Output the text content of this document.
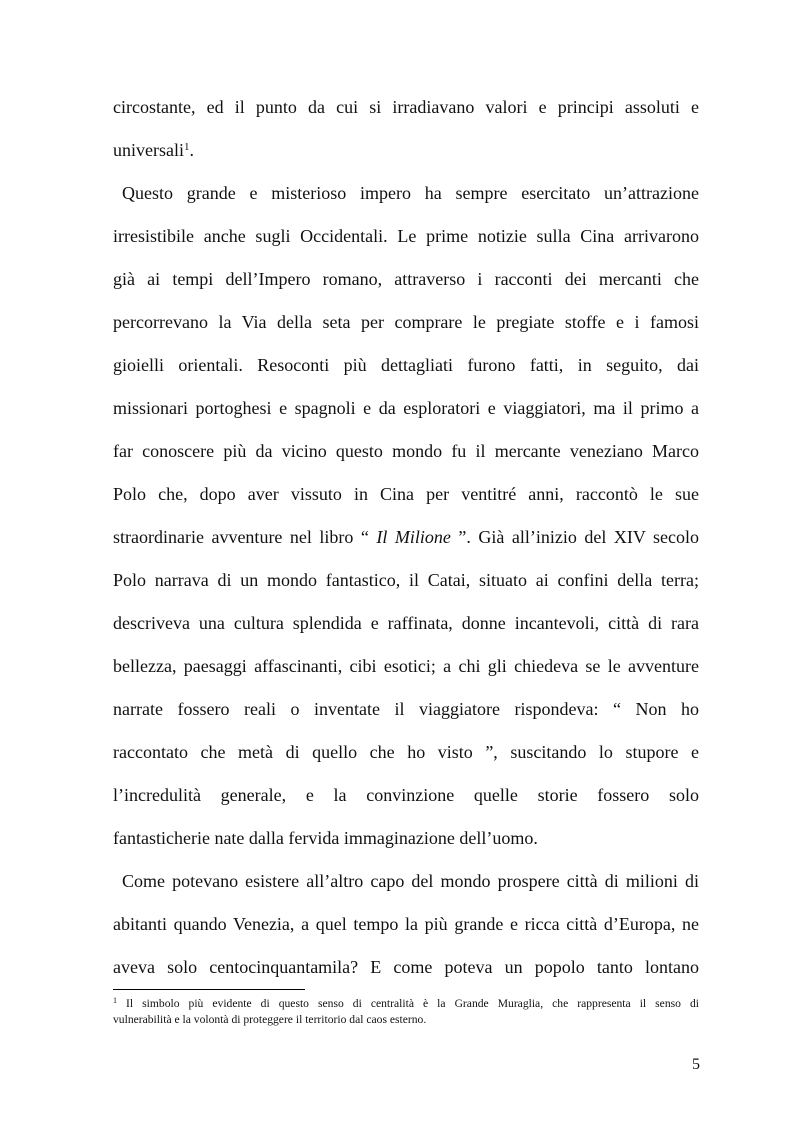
circostante, ed il punto da cui si irradiavano valori e principi assoluti e
universali$^1$.
Questo grande e misterioso impero ha sempre esercitato un’attrazione
irresistibile anche sugli Occidentali. Le prime notizie sulla Cina arrivarono
già ai tempi dell’Impero romano, attraverso i racconti dei mercanti che
percorrevano la Via della seta per comprare le pregiate stoffe e i famosi
gioielli orientali. Resoconti più dettagliati furono fatti, in seguito, dai
missionari portoghesi e spagnoli e da esploratori e viaggiatori, ma il primo a
far conoscere più da vicino questo mondo fu il mercante veneziano Marco
Polo che, dopo aver vissuto in Cina per ventitré anni, raccontò le sue
straordinarie avventure nel libro “ Il Milione ”. Già all’inizio del XIV secolo
Polo narrava di un mondo fantastico, il Catai, situato ai confini della terra;
descriveva una cultura splendida e raffinata, donne incantevoli, città di rara
bellezza, paesaggi affascinanti, cibi esotici; a chi gli chiedeva se le avventure
narrate fossero reali o inventate il viaggiatore rispondeva: “ Non ho
raccontato che metà di quello che ho visto ”, suscitando lo stupore e
l’incredulità generale, e la convinzione quelle storie fossero solo
fantasticherie nate dalla fervida immaginazione dell’uomo.
Come potevano esistere all’altro capo del mondo prospere città di milioni di
abitanti quando Venezia, a quel tempo la più grande e ricca città d’Europa, ne
aveva solo centocinquantamila? E come poteva un popolo tanto lontano
$^1$ Il simbolo più evidente di questo senso di centralità è la Grande Muraglia, che rappresenta il senso di
vulnerabilità e la volontà di proteggere il territorio dal caos esterno.
5
